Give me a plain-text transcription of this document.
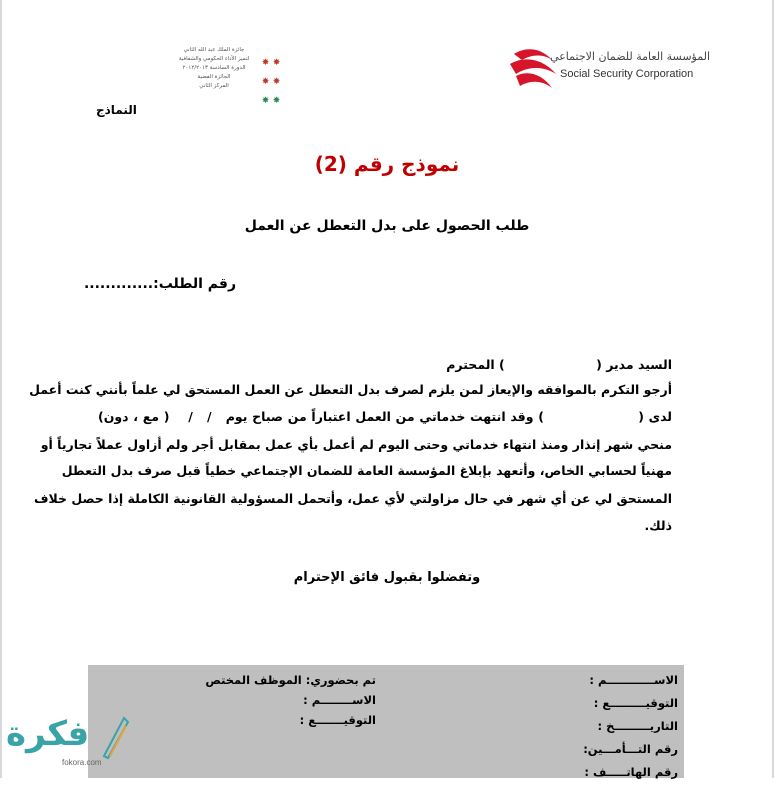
المؤسسة العامة للضمان الاجتماعي
Social Security Corporation
جائزة الملك عبد الله الثاني
لتميز الأداء الحكومي والشفافية
الدورة السادسة ٢٠١٢/٢٠١٣
الجائزة الفضية
المركز الثاني
✸ ✸ ✸ ✸ ✸ ✸
النماذج
نموذج رقم (2)
طلب الحصول على بدل التعطل عن العمل
رقم الطلب:.............
السيد مدير (                     ) المحترم
أرجو التكرم بالموافقه والإيعاز لمن يلزم لصرف بدل التعطل عن العمل المستحق لي علماً بأنني كنت أعمل
لدى (                    ) وقد انتهت خدماتي من العمل اعتباراً من صباح يوم   /   /    ( مع ، دون)
منحي شهر إنذار ومنذ انتهاء خدماتي وحتى اليوم لم أعمل بأي عمل بمقابل أجر ولم أزاول عملاً تجارياً أو
مهنياً لحسابي الخاص، وأتعهد بإبلاغ المؤسسة العامة للضمان الإجتماعي خطياً قبل صرف بدل التعطل
المستحق لي عن أي شهر في حال مزاولتي لأي عمل، وأتحمل المسؤولية القانونية الكاملة إذا حصل خلاف
ذلك.
وتفضلوا بقبول فائق الإحترام
الاســــــــــــم :
التوقيـــــــــع :
التاريـــــــــخ :
رقم التـــأمـــين:
رقم الهاتـــــف :
تم بحضوري: الموظف المختص
الاســــــــم :
التوقيـــــــع :
فكرة
fokora.com
